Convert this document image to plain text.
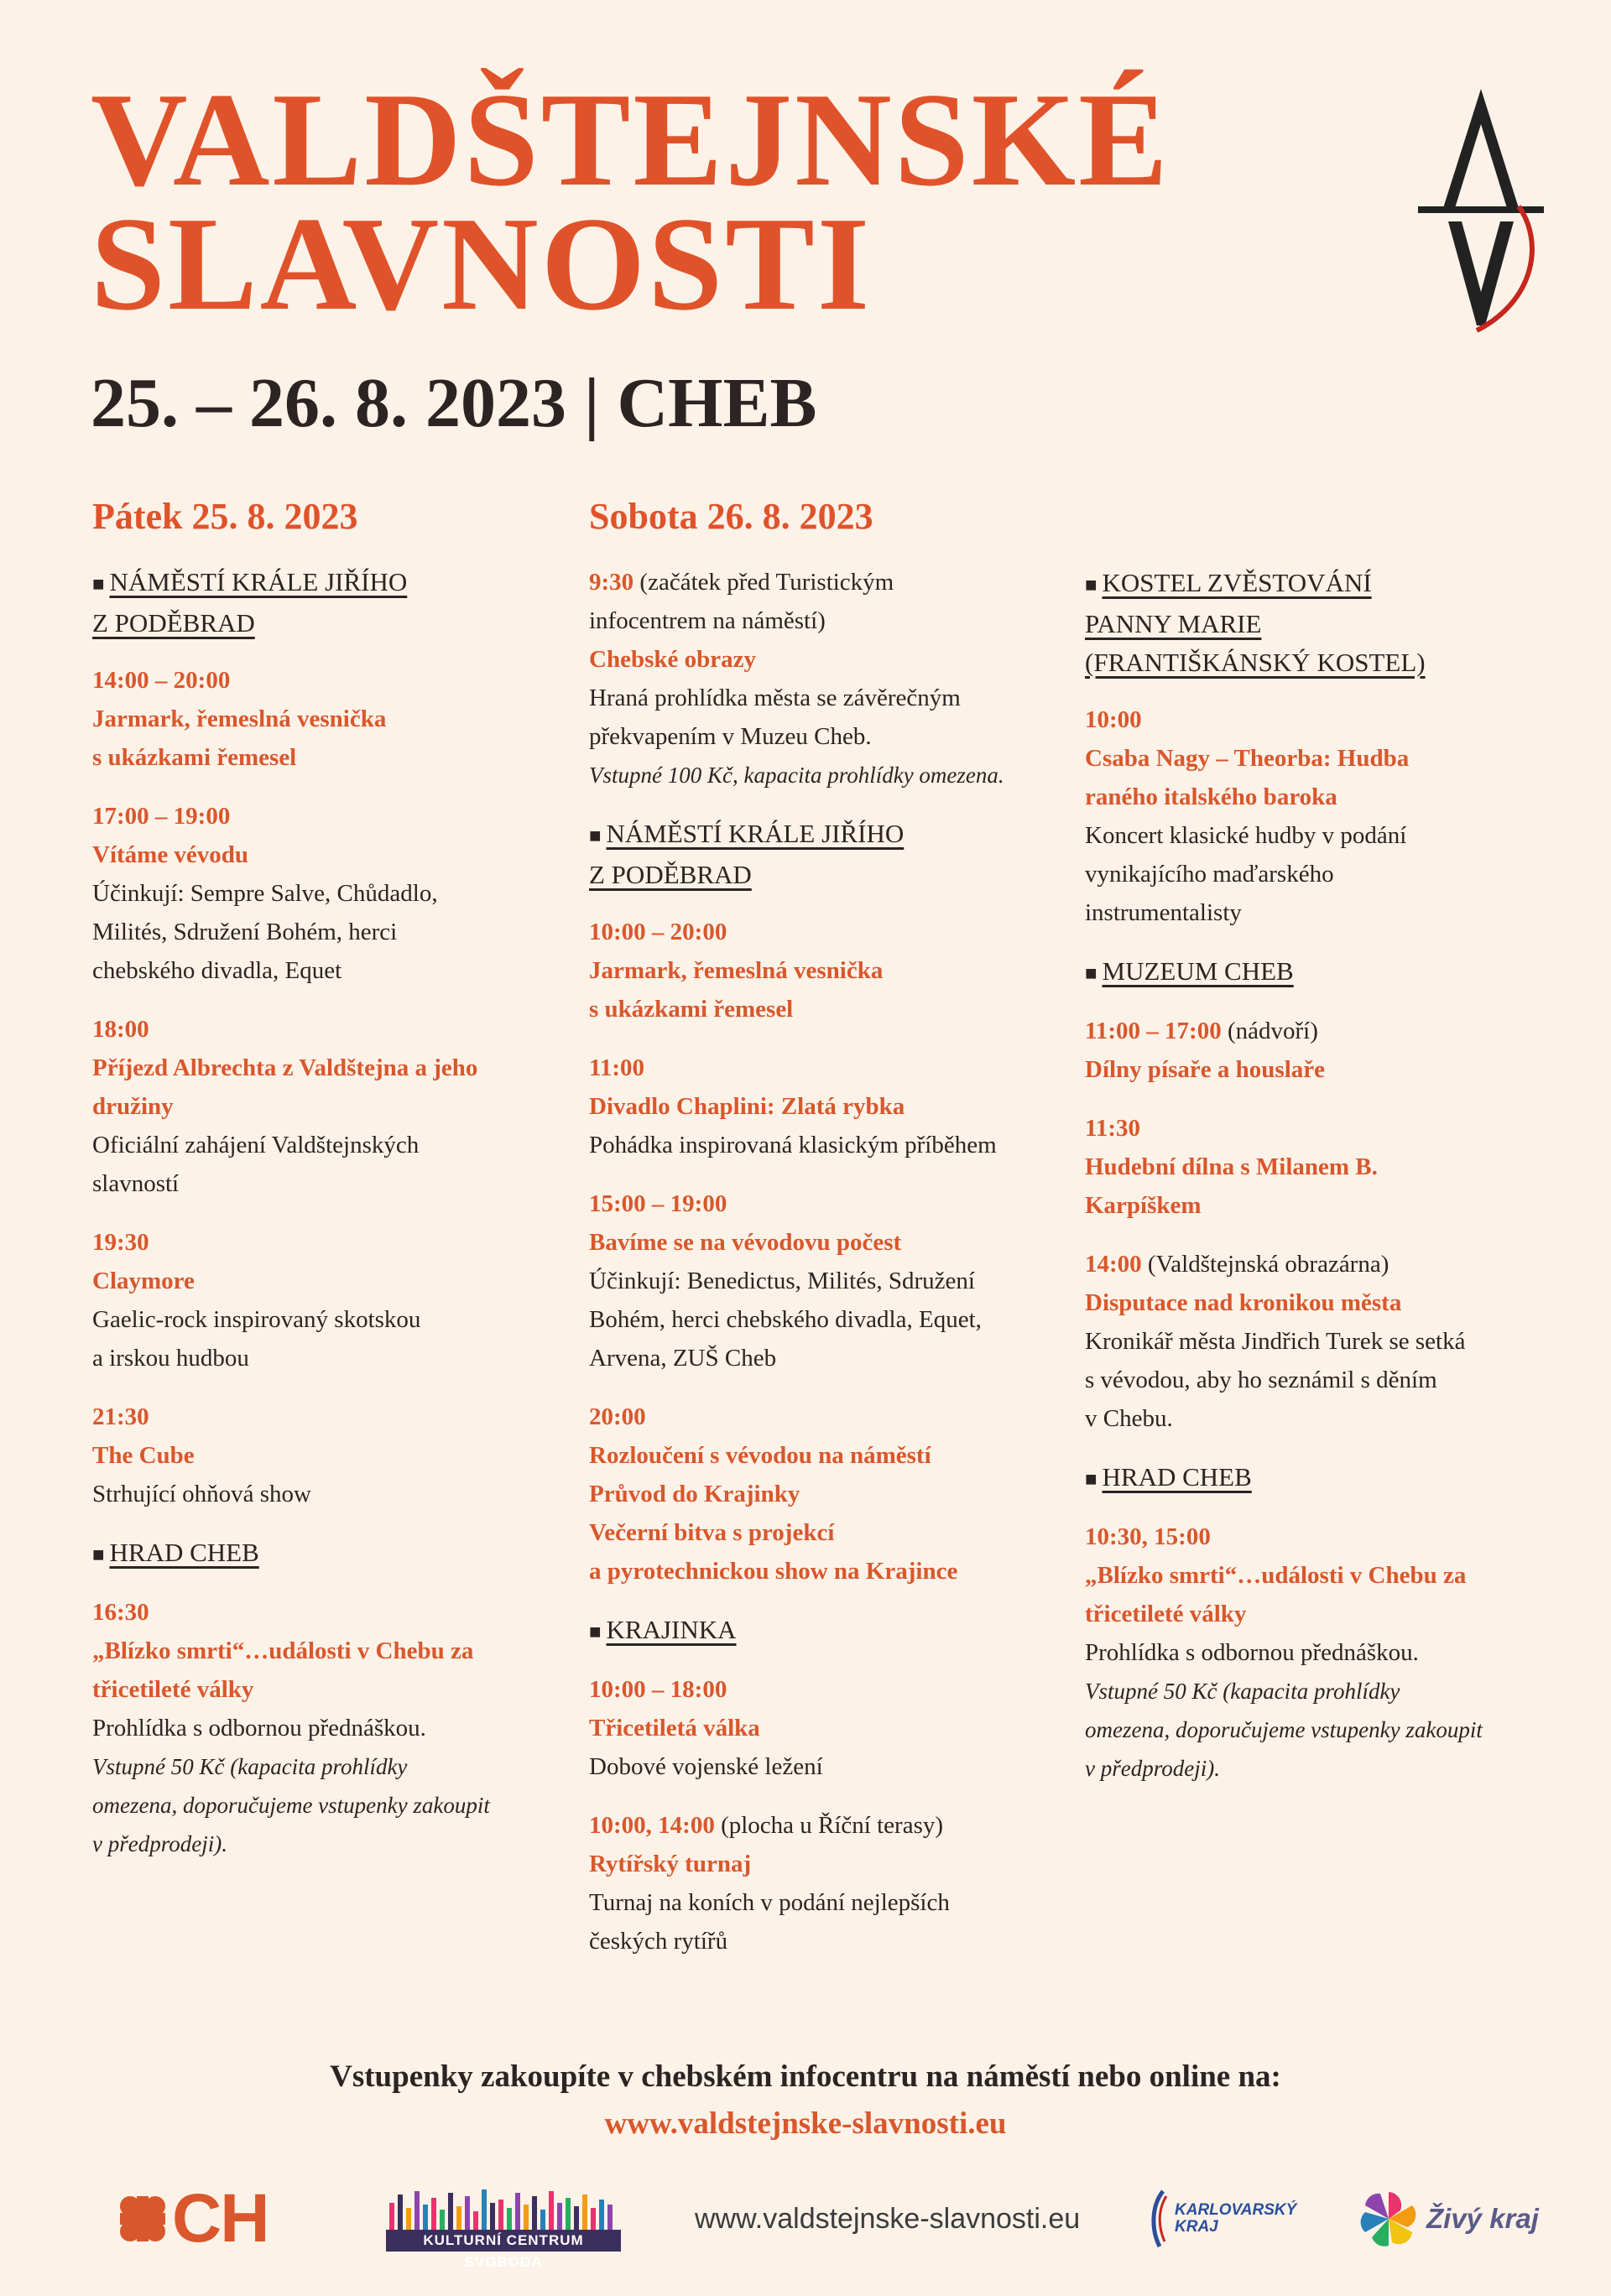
VALDŠTEJNSKÉ
SLAVNOSTI
25. – 26. 8. 2023 | CHEB
Pátek 25. 8. 2023
■ NÁMĚSTÍ KRÁLE JIŘÍHO
Z PODĚBRAD
14:00 – 20:00
Jarmark, řemeslná vesnička
s ukázkami řemesel
17:00 – 19:00
Vítáme vévodu
Účinkují: Sempre Salve, Chůdadlo,
Milités, Sdružení Bohém, herci
chebského divadla, Equet
18:00
Příjezd Albrechta z Valdštejna a jeho
družiny
Oficiální zahájení Valdštejnských
slavností
19:30
Claymore
Gaelic-rock inspirovaný skotskou
a irskou hudbou
21:30
The Cube
Strhující ohňová show
■ HRAD CHEB
16:30
„Blízko smrti“…události v Chebu za
třicetileté války
Prohlídka s odbornou přednáškou.
Vstupné 50 Kč (kapacita prohlídky
omezena, doporučujeme vstupenky zakoupit
v předprodeji).
Sobota 26. 8. 2023
9:30 (začátek před Turistickým
infocentrem na náměstí)
Chebské obrazy
Hraná prohlídka města se závěrečným
překvapením v Muzeu Cheb.
Vstupné 100 Kč, kapacita prohlídky omezena.
■ NÁMĚSTÍ KRÁLE JIŘÍHO
Z PODĚBRAD
10:00 – 20:00
Jarmark, řemeslná vesnička
s ukázkami řemesel
11:00
Divadlo Chaplini: Zlatá rybka
Pohádka inspirovaná klasickým příběhem
15:00 – 19:00
Bavíme se na vévodovu počest
Účinkují: Benedictus, Milités, Sdružení
Bohém, herci chebského divadla, Equet,
Arvena, ZUŠ Cheb
20:00
Rozloučení s vévodou na náměstí
Průvod do Krajinky
Večerní bitva s projekcí
a pyrotechnickou show na Krajince
■ KRAJINKA
10:00 – 18:00
Třicetiletá válka
Dobové vojenské ležení
10:00, 14:00 (plocha u Říční terasy)
Rytířský turnaj
Turnaj na koních v podání nejlepších
českých rytířů
■ KOSTEL ZVĚSTOVÁNÍ
PANNY MARIE
(FRANTIŠKÁNSKÝ KOSTEL)
10:00
Csaba Nagy – Theorba: Hudba
raného italského baroka
Koncert klasické hudby v podání
vynikajícího maďarského
instrumentalisty
■ MUZEUM CHEB
11:00 – 17:00 (nádvoří)
Dílny písaře a houslaře
11:30
Hudební dílna s Milanem B.
Karpíškem
14:00 (Valdštejnská obrazárna)
Disputace nad kronikou města
Kronikář města Jindřich Turek se setká
s vévodou, aby ho seznámil s děním
v Chebu.
■ HRAD CHEB
10:30, 15:00
„Blízko smrti“…události v Chebu za
třicetileté války
Prohlídka s odbornou přednáškou.
Vstupné 50 Kč (kapacita prohlídky
omezena, doporučujeme vstupenky zakoupit
v předprodeji).
Vstupenky zakoupíte v chebském infocentru na náměstí nebo online na:
www.valdstejnske-slavnosti.eu
CH	KULTURNÍ CENTRUM SVOBODA
www.valdstejnske-slavnosti.eu	KARLOVARSKÝ
KRAJ	Živý kraj
